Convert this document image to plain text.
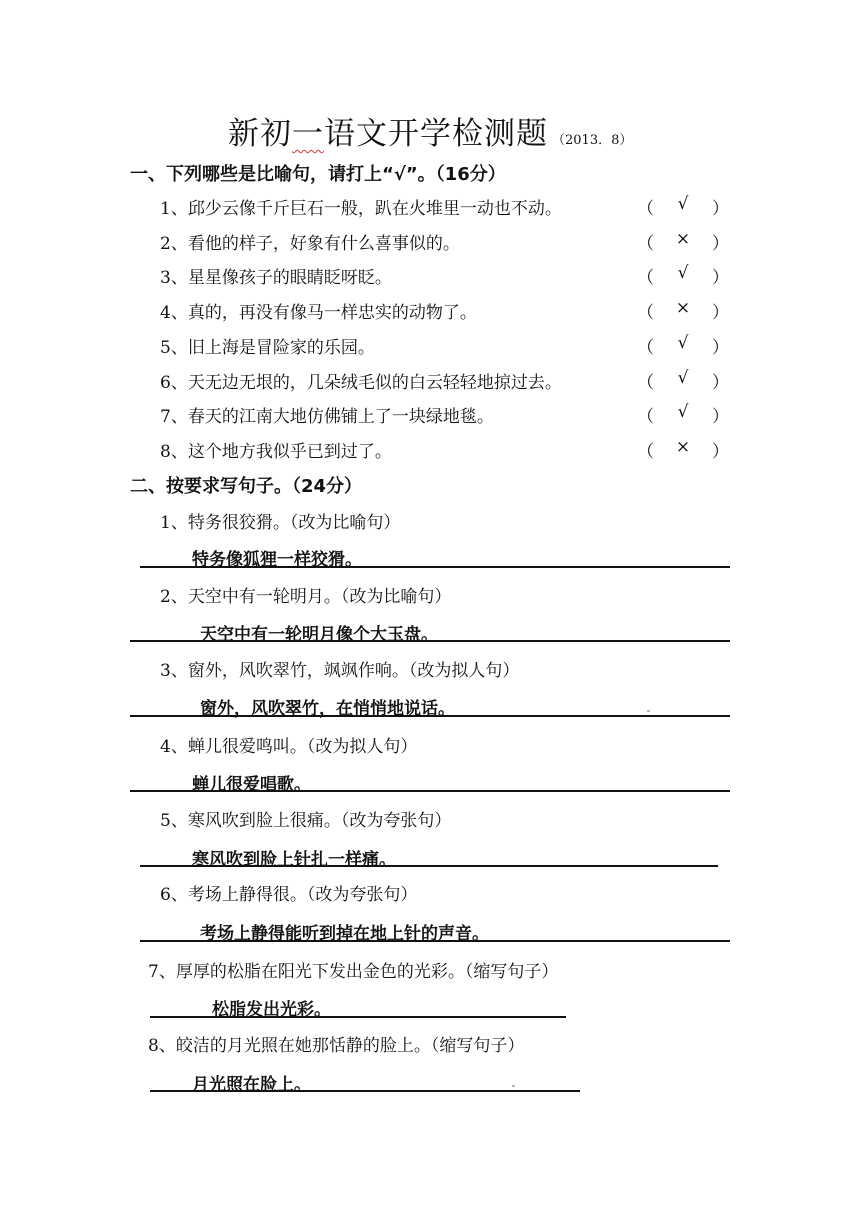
新初一语文开学检测题 （2013．8）
一、下列哪些是比喻句，请打上“√”。（16分）
1、邱少云像千斤巨石一般，趴在火堆里一动也不动。
2、看他的样子，好象有什么喜事似的。
3、星星像孩子的眼睛眨呀眨。
4、真的，再没有像马一样忠实的动物了。
5、旧上海是冒险家的乐园。
6、天无边无垠的，几朵绒毛似的白云轻轻地掠过去。
7、春天的江南大地仿佛铺上了一块绿地毯。
8、这个地方我似乎已到过了。
（ √ ）
（ × ）
（ √ ）
（ × ）
（ √ ）
（ √ ）
（ √ ）
（ × ）
二、按要求写句子。（24分）
1、特务很狡猾。（改为比喻句）
特务像狐狸一样狡猾。
2、天空中有一轮明月。（改为比喻句）
天空中有一轮明月像个大玉盘。
3、窗外，风吹翠竹，飒飒作响。（改为拟人句）
窗外，风吹翠竹，在悄悄地说话。
4、蝉儿很爱鸣叫。（改为拟人句）
蝉儿很爱唱歌。
5、寒风吹到脸上很痛。（改为夸张句）
寒风吹到脸上针扎一样痛。
6、考场上静得很。（改为夸张句）
考场上静得能听到掉在地上针的声音。
7、厚厚的松脂在阳光下发出金色的光彩。（缩写句子）
松脂发出光彩。
8、皎洁的月光照在她那恬静的脸上。（缩写句子）
月光照在脸上。
